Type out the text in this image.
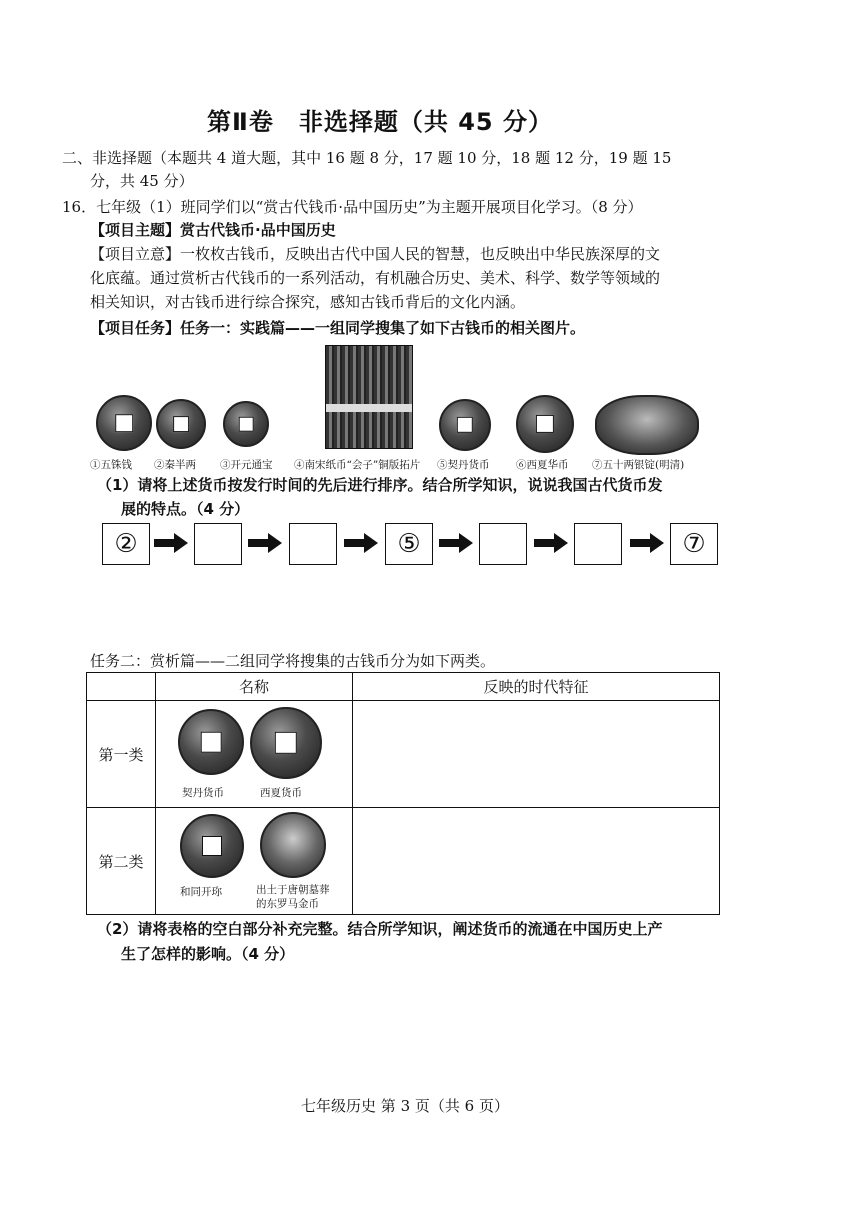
第Ⅱ卷　非选择题（共 45 分）
二、非选择题（本题共 4 道大题，其中 16 题 8 分，17 题 10 分，18 题 12 分，19 题 15
分，共 45 分）
16．七年级（1）班同学们以“赏古代钱币·品中国历史”为主题开展项目化学习。（8 分）
【项目主题】赏古代钱币·品中国历史
【项目立意】一枚枚古钱币，反映出古代中国人民的智慧，也反映出中华民族深厚的文
化底蕴。通过赏析古代钱币的一系列活动，有机融合历史、美术、科学、数学等领域的
相关知识，对古钱币进行综合探究，感知古钱币背后的文化内涵。
【项目任务】任务一：实践篇——一组同学搜集了如下古钱币的相关图片。
①五铢钱 ②秦半两 ③开元通宝 ④南宋纸币“会子”铜版拓片 ⑤契丹货币	⑥西夏华币 ⑦五十两银锭(明清)
（1）请将上述货币按发行时间的先后进行排序。结合所学知识，说说我国古代货币发
展的特点。（4 分）
②	⑤	⑦
任务二：赏析篇——二组同学将搜集的古钱币分为如下两类。
	名称	反映的时代特征
第一类	契丹货币 西夏货币	

第二类	和同开珎 出土于唐朝墓葬
的东罗马金币	

（2）请将表格的空白部分补充完整。结合所学知识，阐述货币的流通在中国历史上产
生了怎样的影响。（4 分）
七年级历史 第 3 页（共 6 页）
